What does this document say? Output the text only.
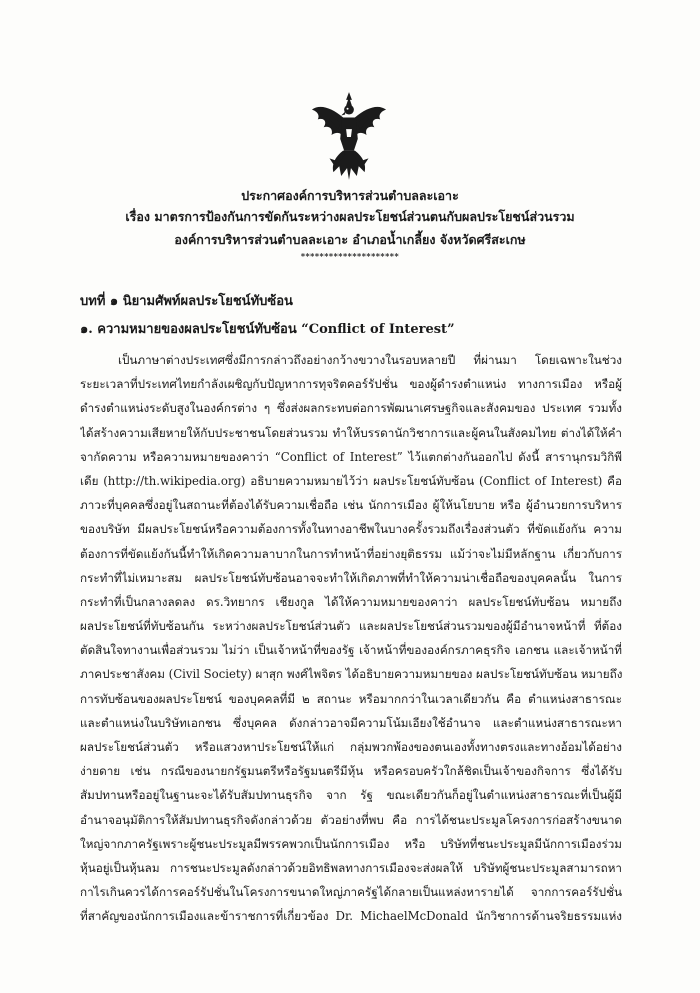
ประกาศองค์การบริหารส่วนตำบลละเอาะ
เรื่อง มาตรการป้องกันการขัดกันระหว่างผลประโยชน์ส่วนตนกับผลประโยชน์ส่วนรวม
องค์การบริหารส่วนตำบลละเอาะ อำเภอน้ำเกลี้ยง จังหวัดศรีสะเกษ
*********************
บทที่ ๑ นิยามศัพท์ผลประโยชน์ทับซ้อน
๑. ความหมายของผลประโยชน์ทับซ้อน “Conflict of Interest”
เป็นภาษาต่างประเทศซึ่งมีการกล่าวถึงอย่างกว้างขวางในรอบหลายปี ที่ผ่านมา โดยเฉพาะในช่วง
ระยะเวลาที่ประเทศไทยกำลังเผชิญกับปัญหาการทุจริตคอร์รัปชั่น ของผู้ดำรงตำแหน่ง ทางการเมือง หรือผู้
ดำรงตำแหน่งระดับสูงในองค์กรต่าง ๆ ซึ่งส่งผลกระทบต่อการพัฒนาเศรษฐกิจและสังคมของ ประเทศ รวมทั้ง
ได้สร้างความเสียหายให้กับประชาชนโดยส่วนรวม ทำให้บรรดานักวิชาการและผู้คนในสังคมไทย ต่างได้ให้คำ
จากัดความ หรือความหมายของคาว่า “Conflict of Interest” ไว้แตกต่างกันออกไป ดังนี้ สารานุกรมวิกิพี
เดีย (http://th.wikipedia.org) อธิบายความหมายไว้ว่า ผลประโยชน์ทับซ้อน (Conflict of Interest) คือ
ภาวะที่บุคคลซึ่งอยู่ในสถานะที่ต้องได้รับความเชื่อถือ เช่น นักการเมือง ผู้ให้นโยบาย หรือ ผู้อำนวยการบริหาร
ของบริษัท มีผลประโยชน์หรือความต้องการทั้งในทางอาชีพในบางครั้งรวมถึงเรื่องส่วนตัว ที่ขัดแย้งกัน ความ
ต้องการที่ขัดแย้งกันนี้ทำให้เกิดความลาบากในการทำหน้าที่อย่างยุติธรรม แม้ว่าจะไม่มีหลักฐาน เกี่ยวกับการ
กระทำที่ไม่เหมาะสม ผลประโยชน์ทับซ้อนอาจจะทำให้เกิดภาพที่ทำให้ความน่าเชื่อถือของบุคคลนั้น ในการ
กระทำที่เป็นกลางลดลง ดร.วิทยากร เชียงกูล ได้ให้ความหมายของคาว่า ผลประโยชน์ทับซ้อน หมายถึง
ผลประโยชน์ที่ทับซ้อนกัน ระหว่างผลประโยชน์ส่วนตัว และผลประโยชน์ส่วนรวมของผู้มีอำนาจหน้าที่ ที่ต้อง
ตัดสินใจทางานเพื่อส่วนรวม ไม่ว่า เป็นเจ้าหน้าที่ของรัฐ เจ้าหน้าที่ขององค์กรภาคธุรกิจ เอกชน และเจ้าหน้าที่
ภาคประชาสังคม (Civil Society) ผาสุก พงศ์ไพจิตร ได้อธิบายความหมายของ ผลประโยชน์ทับซ้อน หมายถึง
การทับซ้อนของผลประโยชน์ ของบุคคลที่มี ๒ สถานะ หรือมากกว่าในเวลาเดียวกัน คือ ตำแหน่งสาธารณะ
และตำแหน่งในบริษัทเอกชน ซึ่งบุคคล ดังกล่าวอาจมีความโน้มเอียงใช้อำนาจ และตำแหน่งสาธารณะหา
ผลประโยชน์ส่วนตัว หรือแสวงหาประโยชน์ให้แก่ กลุ่มพวกพ้องของตนเองทั้งทางตรงและทางอ้อมได้อย่าง
ง่ายดาย เช่น กรณีของนายกรัฐมนตรีหรือรัฐมนตรีมีหุ้น หรือครอบครัวใกล้ชิดเป็นเจ้าของกิจการ ซึ่งได้รับ
สัมปทานหรืออยู่ในฐานะจะได้รับสัมปทานธุรกิจ จาก รัฐ ขณะเดียวกันก็อยู่ในตำแหน่งสาธารณะที่เป็นผู้มี
อำนาจอนุมัติการให้สัมปทานธุรกิจดังกล่าวด้วย ตัวอย่างที่พบ คือ การได้ชนะประมูลโครงการก่อสร้างขนาด
ใหญ่จากภาครัฐเพราะผู้ชนะประมูลมีพรรคพวกเป็นนักการเมือง หรือ บริษัทที่ชนะประมูลมีนักการเมืองร่วม
หุ้นอยู่เป็นหุ้นลม การชนะประมูลดังกล่าวด้วยอิทธิพลทางการเมืองจะส่งผลให้ บริษัทผู้ชนะประมูลสามารถหา
กาไรเกินควรได้การคอร์รัปชั่นในโครงการขนาดใหญ่ภาครัฐได้กลายเป็นแหล่งหารายได้ จากการคอร์รัปชั่น
ที่สาคัญของนักการเมืองและข้าราชการที่เกี่ยวข้อง Dr. MichaelMcDonald นักวิชาการด้านจริยธรรมแห่ง
